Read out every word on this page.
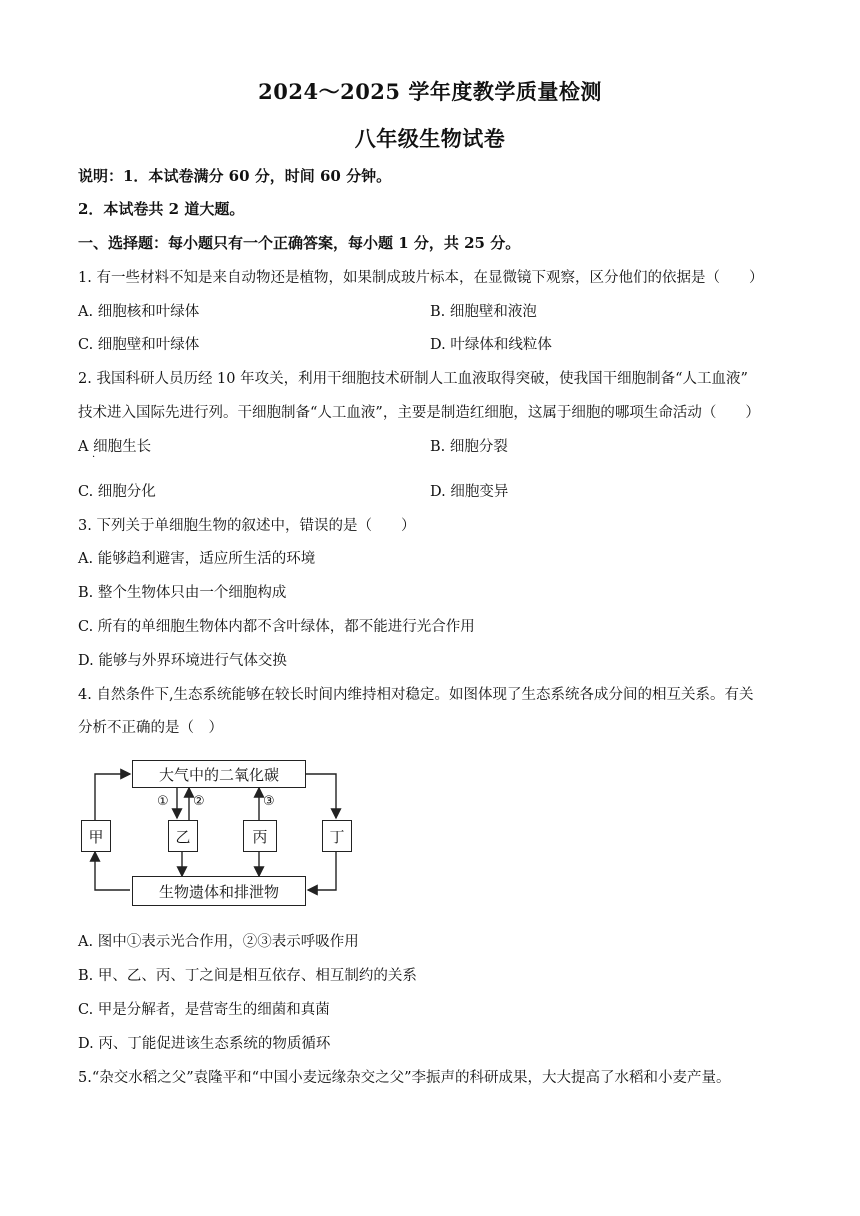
2024～2025 学年度教学质量检测
八年级生物试卷
说明：1．本试卷满分 60 分，时间 60 分钟。
2．本试卷共 2 道大题。
一、选择题：每小题只有一个正确答案，每小题 1 分，共 25 分。
1. 有一些材料不知是来自动物还是植物，如果制成玻片标本，在显微镜下观察，区分他们的依据是（　　）
A. 细胞核和叶绿体	B. 细胞壁和液泡
C. 细胞壁和叶绿体	D. 叶绿体和线粒体
2. 我国科研人员历经 10 年攻关，利用干细胞技术研制人工血液取得突破，使我国干细胞制备“人工血液”
技术进入国际先进行列。干细胞制备“人工血液”，主要是制造红细胞，这属于细胞的哪项生命活动（　　）
A 细胞生长
·
B. 细胞分裂
C. 细胞分化	D. 细胞变异
3. 下列关于单细胞生物的叙述中，错误的是（　　）
A. 能够趋利避害，适应所生活的环境
B. 整个生物体只由一个细胞构成
C. 所有的单细胞生物体内都不含叶绿体，都不能进行光合作用
D. 能够与外界环境进行气体交换
4. 自然条件下,生态系统能够在较长时间内维持相对稳定。如图体现了生态系统各成分间的相互关系。有关
分析不正确的是（　）
大气中的二氧化碳
生物遗体和排泄物
甲	乙	丙	丁
① ②	③
A. 图中①表示光合作用，②③表示呼吸作用
B. 甲、乙、丙、丁之间是相互依存、相互制约的关系
C. 甲是分解者，是营寄生的细菌和真菌
D. 丙、丁能促进该生态系统的物质循环
5.“杂交水稻之父”袁隆平和“中国小麦远缘杂交之父”李振声的科研成果，大大提高了水稻和小麦产量。
